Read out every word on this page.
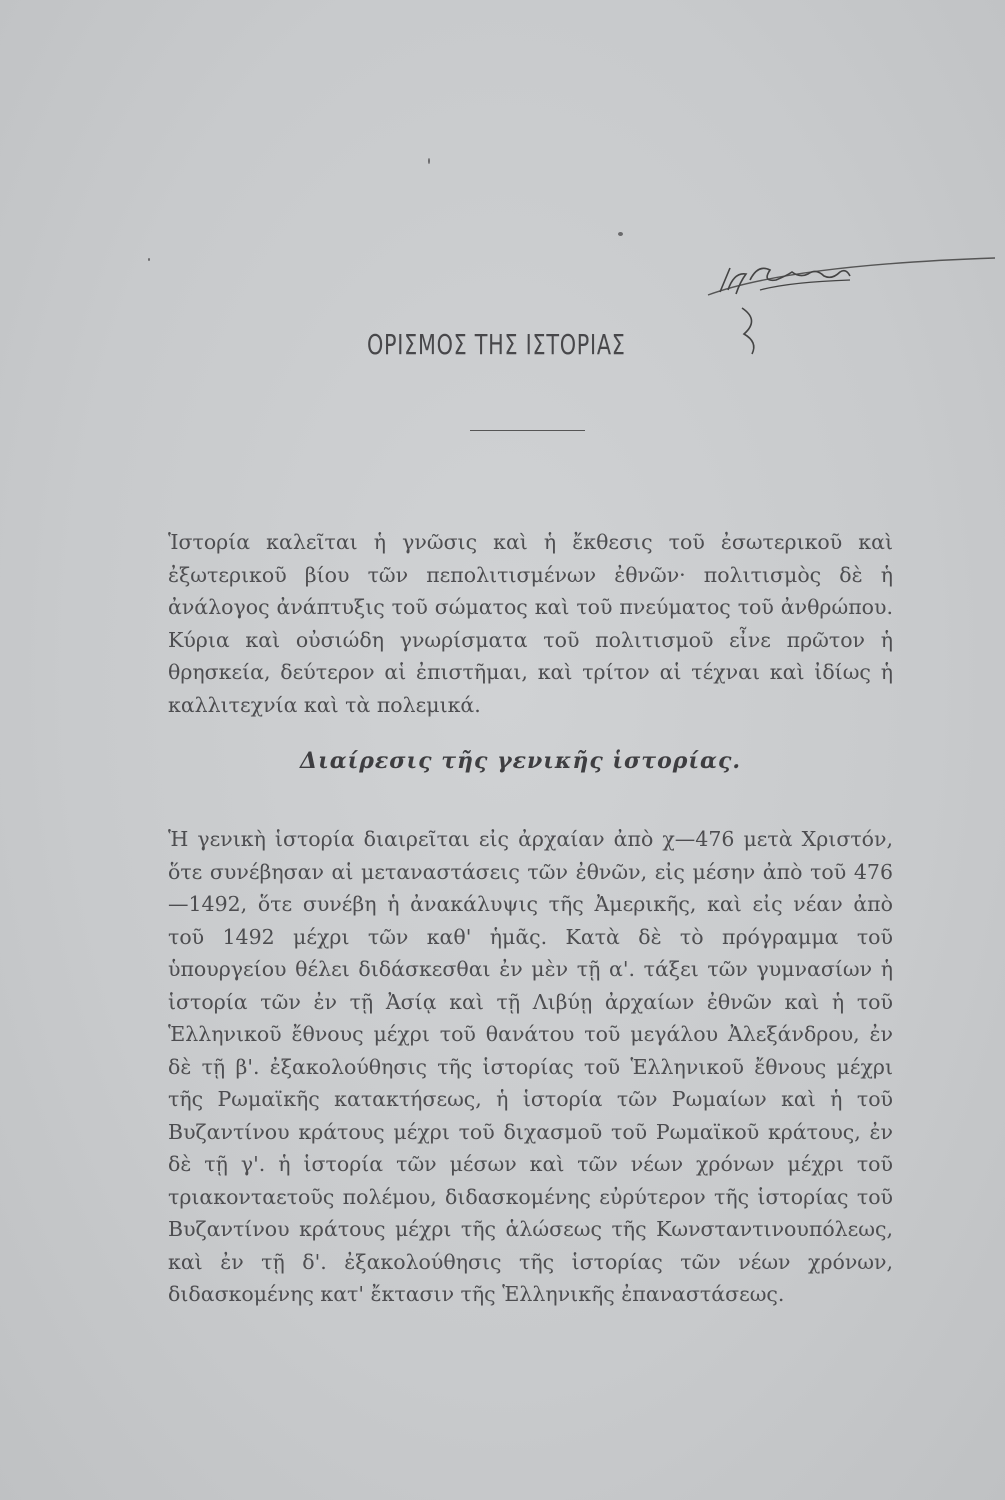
ΟΡΙΣΜΟΣ ΤΗΣ ΙΣΤΟΡΙΑΣ
Ἱστορία καλεῖται ἡ γνῶσις καὶ ἡ ἔκθεσις τοῦ ἐσωτερικοῦ καὶ ἐξωτερικοῦ βίου τῶν πεπολιτισμένων ἐθνῶν· πολιτισμὸς δὲ ἡ ἀνάλογος ἀνάπτυξις τοῦ σώματος καὶ τοῦ πνεύματος τοῦ ἀνθρώπου. Κύρια καὶ οὐσιώδη γνωρίσματα τοῦ πολιτισμοῦ εἶνε πρῶτον ἡ θρησκεία, δεύτερον αἱ ἐπιστῆμαι, καὶ τρίτον αἱ τέχναι καὶ ἰδίως ἡ καλλιτεχνία καὶ τὰ πολεμικά.
Διαίρεσις τῆς γενικῆς ἱστορίας.
Ἡ γενικὴ ἱστορία διαιρεῖται εἰς ἀρχαίαν ἀπὸ χ—476 μετὰ Χριστόν, ὅτε συνέβησαν αἱ μεταναστάσεις τῶν ἐθνῶν, εἰς μέσην ἀπὸ τοῦ 476—1492, ὅτε συνέβη ἡ ἀνακάλυψις τῆς Ἀμερικῆς, καὶ εἰς νέαν ἀπὸ τοῦ 1492 μέχρι τῶν καθ' ἡμᾶς. Κατὰ δὲ τὸ πρόγραμμα τοῦ ὑπουργείου θέλει διδάσκεσθαι ἐν μὲν τῇ α'. τάξει τῶν γυμνασίων ἡ ἱστορία τῶν ἐν τῇ Ἀσίᾳ καὶ τῇ Λιβύῃ ἀρχαίων ἐθνῶν καὶ ἡ τοῦ Ἑλληνικοῦ ἔθνους μέχρι τοῦ θανάτου τοῦ μεγάλου Ἀλεξάνδρου, ἐν δὲ τῇ β'. ἐξακολούθησις τῆς ἱστορίας τοῦ Ἑλληνικοῦ ἔθνους μέχρι τῆς Ρωμαϊκῆς κατακτήσεως, ἡ ἱστορία τῶν Ρωμαίων καὶ ἡ τοῦ Βυζαντίνου κράτους μέχρι τοῦ διχασμοῦ τοῦ Ρωμαϊκοῦ κράτους, ἐν δὲ τῇ γ'. ἡ ἱστορία τῶν μέσων καὶ τῶν νέων χρόνων μέχρι τοῦ τριακονταετοῦς πολέμου, διδασκομένης εὐρύτερον τῆς ἱστορίας τοῦ Βυζαντίνου κράτους μέχρι τῆς ἁλώσεως τῆς Κωνσταντινουπόλεως, καὶ ἐν τῇ δ'. ἐξακολούθησις τῆς ἱστορίας τῶν νέων χρόνων, διδασκομένης κατ' ἔκτασιν τῆς Ἑλληνικῆς ἐπαναστάσεως.
